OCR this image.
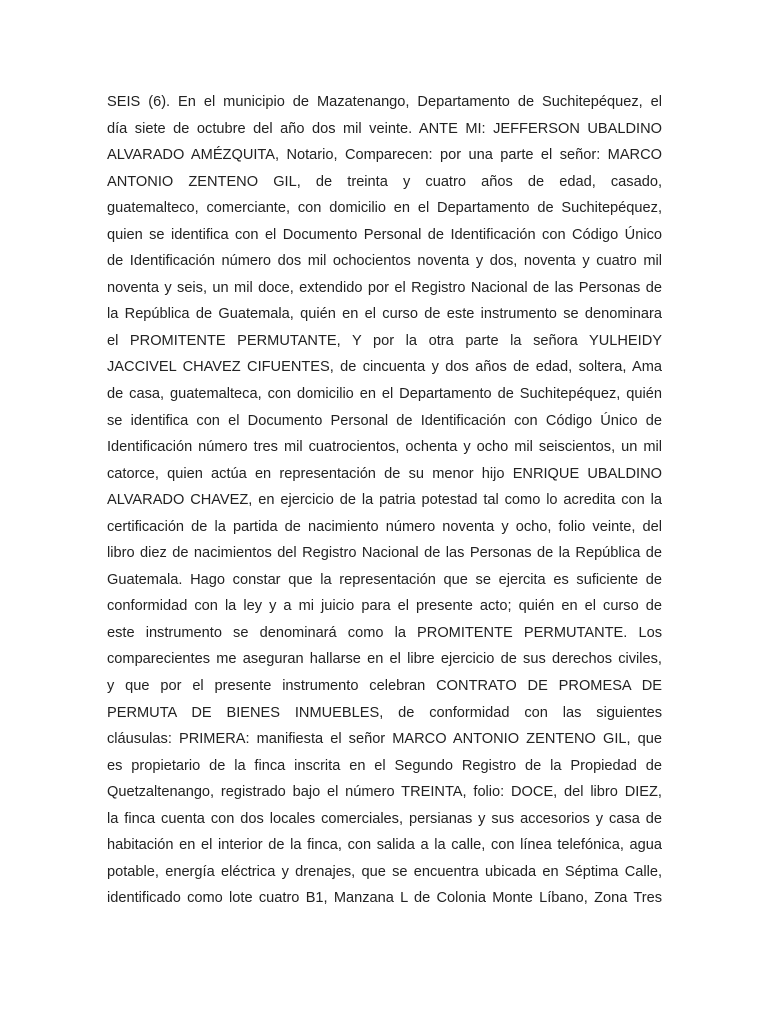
SEIS (6). En el municipio de Mazatenango, Departamento de Suchitepéquez, el
día siete de octubre del año dos mil veinte. ANTE MI: JEFFERSON UBALDINO
ALVARADO AMÉZQUITA, Notario, Comparecen: por una parte el señor: MARCO
ANTONIO ZENTENO GIL, de treinta y cuatro años de edad, casado,
guatemalteco, comerciante, con domicilio en el Departamento de Suchitepéquez,
quien se identifica con el Documento Personal de Identificación con Código Único
de Identificación número dos mil ochocientos noventa y dos, noventa y cuatro mil
noventa y seis, un mil doce, extendido por el Registro Nacional de las Personas de
la República de Guatemala, quién en el curso de este instrumento se denominara
el PROMITENTE PERMUTANTE, Y por la otra parte la señora YULHEIDY
JACCIVEL CHAVEZ CIFUENTES, de cincuenta y dos años de edad, soltera, Ama
de casa, guatemalteca, con domicilio en el Departamento de Suchitepéquez, quién
se identifica con el Documento Personal de Identificación con Código Único de
Identificación número tres mil cuatrocientos, ochenta y ocho mil seiscientos, un mil
catorce, quien actúa en representación de su menor hijo ENRIQUE UBALDINO
ALVARADO CHAVEZ, en ejercicio de la patria potestad tal como lo acredita con la
certificación de la partida de nacimiento número noventa y ocho, folio veinte, del
libro diez de nacimientos del Registro Nacional de las Personas de la República de
Guatemala. Hago constar que la representación que se ejercita es suficiente de
conformidad con la ley y a mi juicio para el presente acto; quién en el curso de
este instrumento se denominará como la PROMITENTE PERMUTANTE. Los
comparecientes me aseguran hallarse en el libre ejercicio de sus derechos civiles,
y que por el presente instrumento celebran CONTRATO DE PROMESA DE
PERMUTA DE BIENES INMUEBLES, de conformidad con las siguientes
cláusulas: PRIMERA: manifiesta el señor MARCO ANTONIO ZENTENO GIL, que
es propietario de la finca inscrita en el Segundo Registro de la Propiedad de
Quetzaltenango, registrado bajo el número TREINTA, folio: DOCE, del libro DIEZ,
la finca cuenta con dos locales comerciales, persianas y sus accesorios y casa de
habitación en el interior de la finca, con salida a la calle, con línea telefónica, agua
potable, energía eléctrica y drenajes, que se encuentra ubicada en Séptima Calle,
identificado como lote cuatro B1, Manzana L de Colonia Monte Líbano, Zona Tres
